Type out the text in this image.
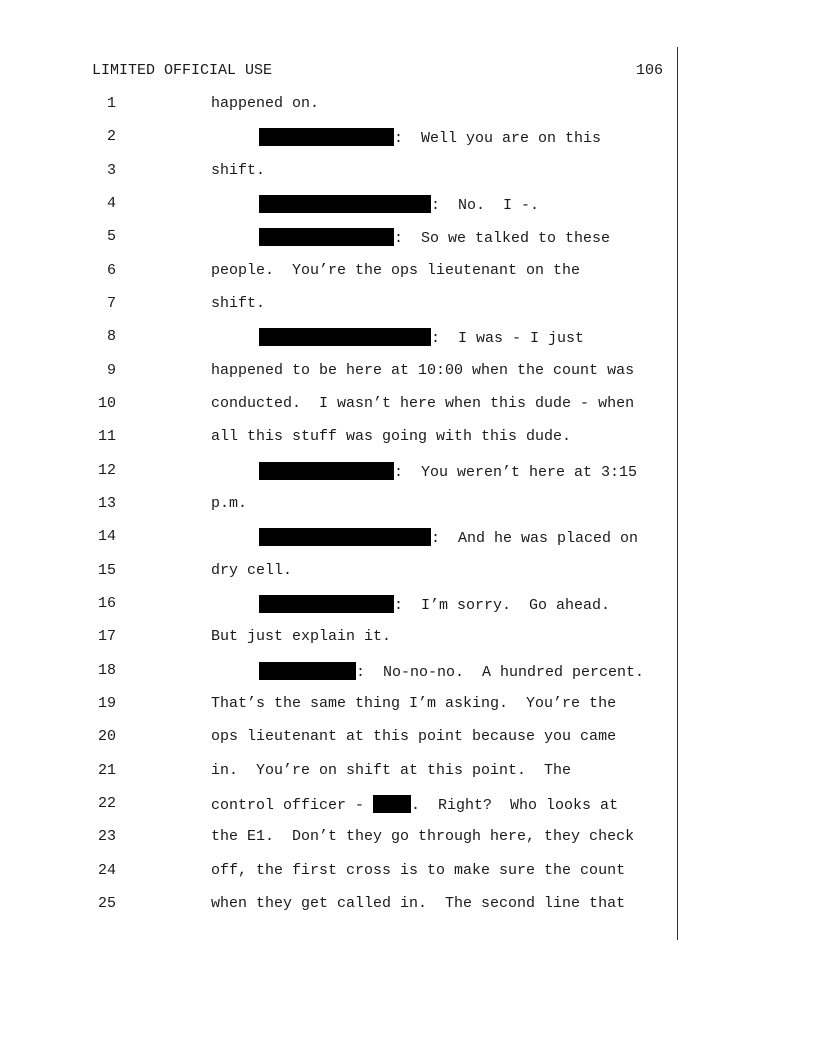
LIMITED OFFICIAL USE	106
1	happened on.
2	:  Well you are on this
3	shift.
4	:  No.  I -.
5	:  So we talked to these
6	people.  You’re the ops lieutenant on the
7	shift.
8	:  I was - I just
9	happened to be here at 10:00 when the count was
10	conducted.  I wasn’t here when this dude - when
11	all this stuff was going with this dude.
12	:  You weren’t here at 3:15
13	p.m.
14	:  And he was placed on
15	dry cell.
16	:  I’m sorry.  Go ahead.
17	But just explain it.
18	:  No-no-no.  A hundred percent.
19	That’s the same thing I’m asking.  You’re the
20	ops lieutenant at this point because you came
21	in.  You’re on shift at this point.  The
22	control officer -	.  Right?  Who looks at
23	the E1.  Don’t they go through here, they check
24	off, the first cross is to make sure the count
25	when they get called in.  The second line that
